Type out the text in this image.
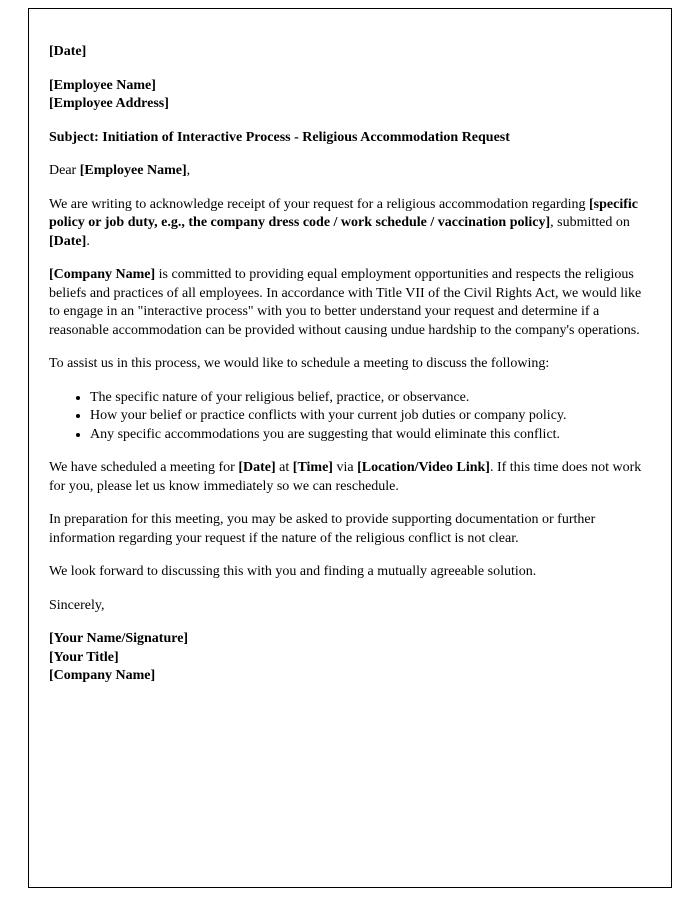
[Date]

[Employee Name]
[Employee Address]

Subject: Initiation of Interactive Process - Religious Accommodation Request

Dear [Employee Name],

We are writing to acknowledge receipt of your request for a religious accommodation regarding [specific policy or job duty, e.g., the company dress code / work schedule / vaccination policy], submitted on [Date].

[Company Name] is committed to providing equal employment opportunities and respects the religious beliefs and practices of all employees. In accordance with Title VII of the Civil Rights Act, we would like to engage in an "interactive process" with you to better understand your request and determine if a reasonable accommodation can be provided without causing undue hardship to the company's operations.

To assist us in this process, we would like to schedule a meeting to discuss the following:

• The specific nature of your religious belief, practice, or observance.
• How your belief or practice conflicts with your current job duties or company policy.
• Any specific accommodations you are suggesting that would eliminate this conflict.

We have scheduled a meeting for [Date] at [Time] via [Location/Video Link]. If this time does not work for you, please let us know immediately so we can reschedule.

In preparation for this meeting, you may be asked to provide supporting documentation or further information regarding your request if the nature of the religious conflict is not clear.

We look forward to discussing this with you and finding a mutually agreeable solution.

Sincerely,

[Your Name/Signature]
[Your Title]
[Company Name]
